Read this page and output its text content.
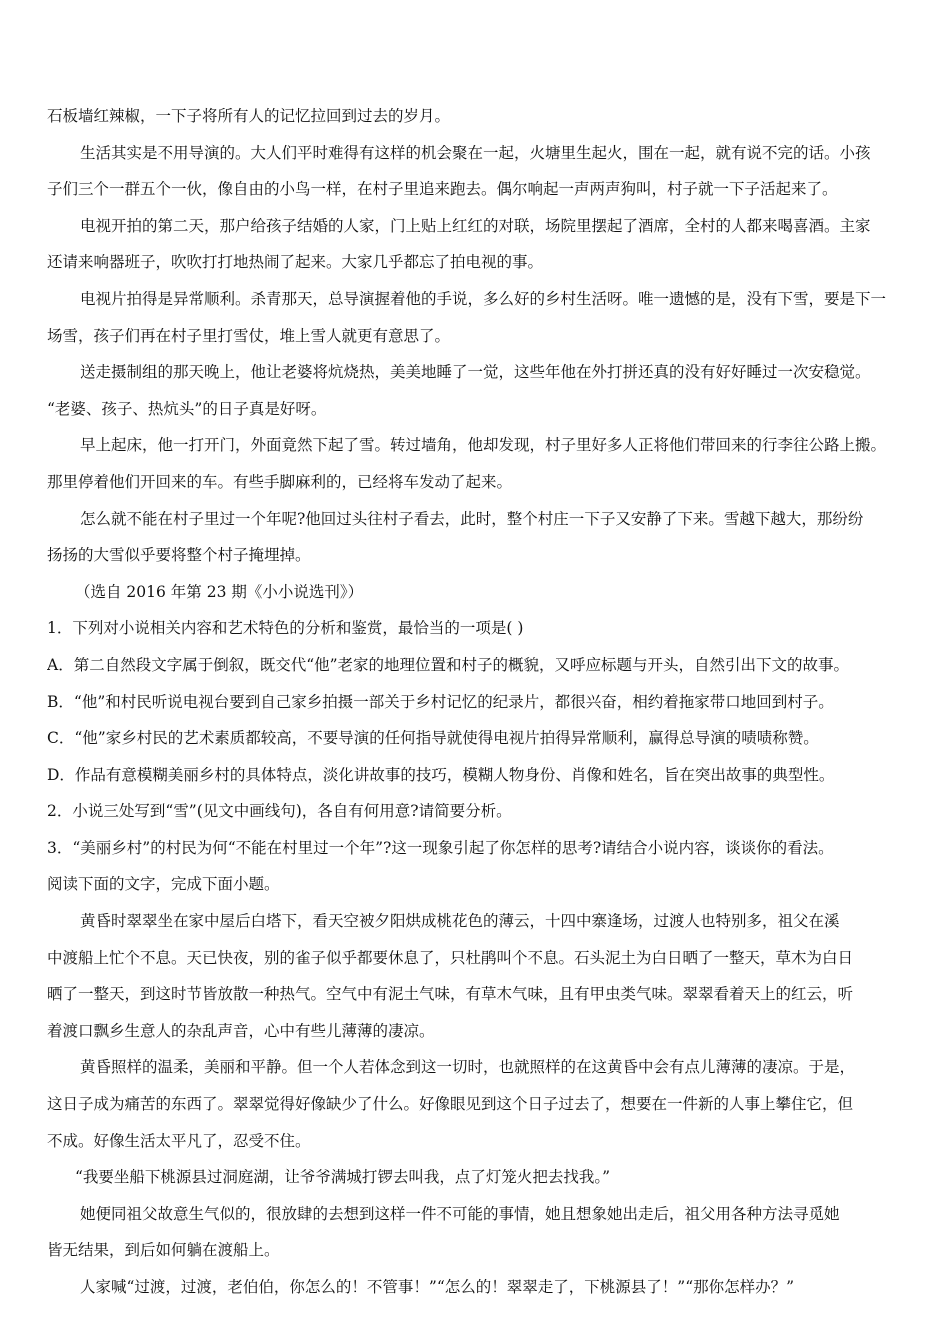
石板墙红辣椒，一下子将所有人的记忆拉回到过去的岁月。
生活其实是不用导演的。大人们平时难得有这样的机会聚在一起，火塘里生起火，围在一起，就有说不完的话。小孩
子们三个一群五个一伙，像自由的小鸟一样，在村子里追来跑去。偶尔响起一声两声狗叫，村子就一下子活起来了。
电视开拍的第二天，那户给孩子结婚的人家，门上贴上红红的对联，场院里摆起了酒席，全村的人都来喝喜酒。主家
还请来响器班子，吹吹打打地热闹了起来。大家几乎都忘了拍电视的事。
电视片拍得是异常顺利。杀青那天，总导演握着他的手说，多么好的乡村生活呀。唯一遗憾的是，没有下雪，要是下一
场雪，孩子们再在村子里打雪仗，堆上雪人就更有意思了。
送走摄制组的那天晚上，他让老婆将炕烧热，美美地睡了一觉，这些年他在外打拼还真的没有好好睡过一次安稳觉。
“老婆、孩子、热炕头”的日子真是好呀。
早上起床，他一打开门，外面竟然下起了雪。转过墙角，他却发现，村子里好多人正将他们带回来的行李往公路上搬。
那里停着他们开回来的车。有些手脚麻利的，已经将车发动了起来。
怎么就不能在村子里过一个年呢?他回过头往村子看去，此时，整个村庄一下子又安静了下来。雪越下越大，那纷纷
扬扬的大雪似乎要将整个村子掩埋掉。
（选自 2016 年第 23 期《小小说选刊》）
1．下列对小说相关内容和艺术特色的分析和鉴赏，最恰当的一项是( )
A．第二自然段文字属于倒叙，既交代“他”老家的地理位置和村子的概貌，又呼应标题与开头，自然引出下文的故事。
B．“他”和村民听说电视台要到自己家乡拍摄一部关于乡村记忆的纪录片，都很兴奋，相约着拖家带口地回到村子。
C．“他”家乡村民的艺术素质都较高，不要导演的任何指导就使得电视片拍得异常顺利，赢得总导演的啧啧称赞。
D．作品有意模糊美丽乡村的具体特点，淡化讲故事的技巧，模糊人物身份、肖像和姓名，旨在突出故事的典型性。
2．小说三处写到“雪”(见文中画线句)，各自有何用意?请简要分析。
3．“美丽乡村”的村民为何“不能在村里过一个年”?这一现象引起了你怎样的思考?请结合小说内容，谈谈你的看法。
阅读下面的文字，完成下面小题。
黄昏时翠翠坐在家中屋后白塔下，看天空被夕阳烘成桃花色的薄云，十四中寨逢场，过渡人也特别多，祖父在溪
中渡船上忙个不息。天已快夜，别的雀子似乎都要休息了，只杜鹃叫个不息。石头泥土为白日晒了一整天，草木为白日
晒了一整天，到这时节皆放散一种热气。空气中有泥土气味，有草木气味，且有甲虫类气味。翠翠看着天上的红云，听
着渡口飘乡生意人的杂乱声音，心中有些儿薄薄的凄凉。
黄昏照样的温柔，美丽和平静。但一个人若体念到这一切时，也就照样的在这黄昏中会有点儿薄薄的凄凉。于是，
这日子成为痛苦的东西了。翠翠觉得好像缺少了什么。好像眼见到这个日子过去了，想要在一件新的人事上攀住它，但
不成。好像生活太平凡了，忍受不住。
“我要坐船下桃源县过洞庭湖，让爷爷满城打锣去叫我，点了灯笼火把去找我。”
她便同祖父故意生气似的，很放肆的去想到这样一件不可能的事情，她且想象她出走后，祖父用各种方法寻觅她
皆无结果，到后如何躺在渡船上。
人家喊“过渡，过渡，老伯伯，你怎么的！不管事！”“怎么的！翠翠走了，下桃源县了！”“那你怎样办？”
